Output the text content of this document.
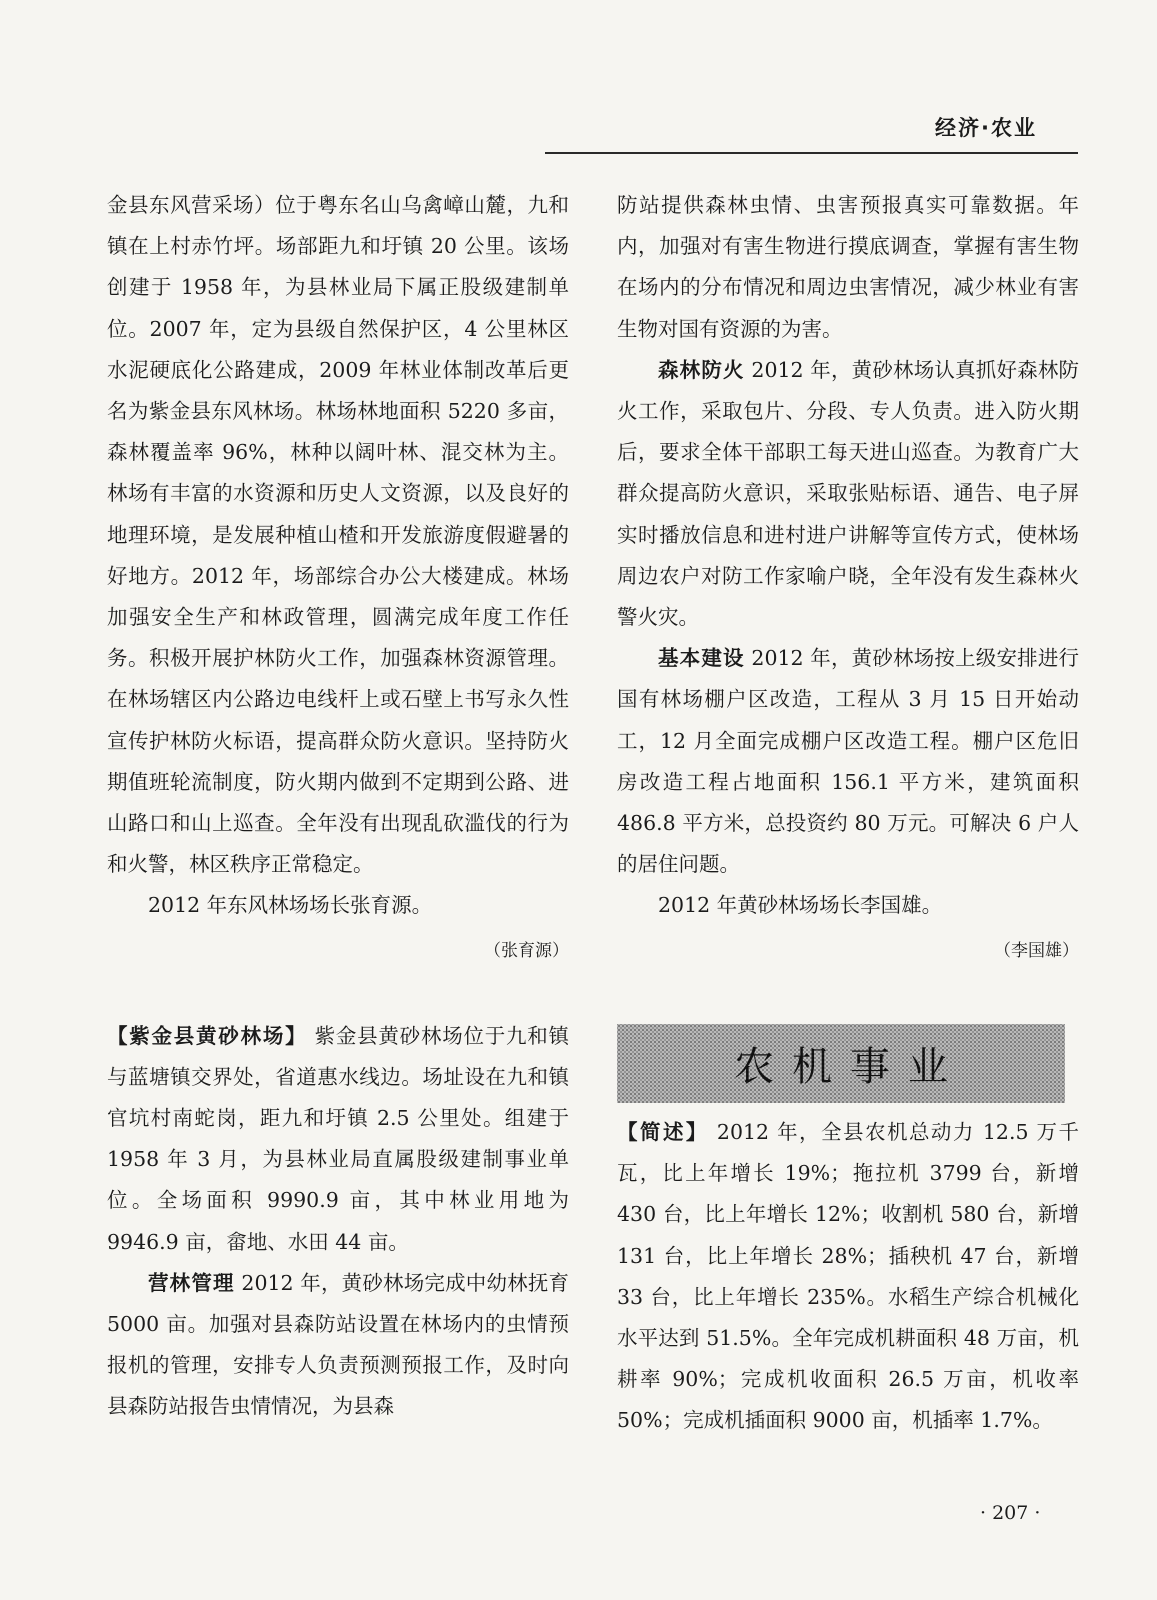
经济·农业

金县东风营采场）位于粤东名山乌禽嶂山麓，九和镇在上村赤竹坪。场部距九和圩镇 20 公里。该场创建于 1958 年，为县林业局下属正股级建制单位。2007 年，定为县级自然保护区，4 公里林区水泥硬底化公路建成，2009 年林业体制改革后更名为紫金县东风林场。林场林地面积 5220 多亩，森林覆盖率 96%，林种以阔叶林、混交林为主。林场有丰富的水资源和历史人文资源，以及良好的地理环境，是发展种植山楂和开发旅游度假避暑的好地方。2012 年，场部综合办公大楼建成。林场加强安全生产和林政管理，圆满完成年度工作任务。积极开展护林防火工作，加强森林资源管理。在林场辖区内公路边电线杆上或石壁上书写永久性宣传护林防火标语，提高群众防火意识。坚持防火期值班轮流制度，防火期内做到不定期到公路、进山路口和山上巡查。全年没有出现乱砍滥伐的行为和火警，林区秩序正常稳定。

2012 年东风林场场长张育源。

（张育源）

【紫金县黄砂林场】 紫金县黄砂林场位于九和镇与蓝塘镇交界处，省道惠水线边。场址设在九和镇官坑村南蛇岗，距九和圩镇 2.5 公里处。组建于 1958 年 3 月，为县林业局直属股级建制事业单位。全场面积 9990.9 亩，其中林业用地为 9946.9 亩，畲地、水田 44 亩。

营林管理 2012 年，黄砂林场完成中幼林抚育 5000 亩。加强对县森防站设置在林场内的虫情预报机的管理，安排专人负责预测预报工作，及时向县森防站报告虫情情况，为县森

防站提供森林虫情、虫害预报真实可靠数据。年内，加强对有害生物进行摸底调查，掌握有害生物在场内的分布情况和周边虫害情况，减少林业有害生物对国有资源的为害。

森林防火 2012 年，黄砂林场认真抓好森林防火工作，采取包片、分段、专人负责。进入防火期后，要求全体干部职工每天进山巡查。为教育广大群众提高防火意识，采取张贴标语、通告、电子屏实时播放信息和进村进户讲解等宣传方式，使林场周边农户对防工作家喻户晓，全年没有发生森林火警火灾。

基本建设 2012 年，黄砂林场按上级安排进行国有林场棚户区改造，工程从 3 月 15 日开始动工，12 月全面完成棚户区改造工程。棚户区危旧房改造工程占地面积 156.1 平方米，建筑面积 486.8 平方米，总投资约 80 万元。可解决 6 户人的居住问题。

2012 年黄砂林场场长李国雄。

（李国雄）
农机事业

【简述】 2012 年，全县农机总动力 12.5 万千瓦，比上年增长 19%；拖拉机 3799 台，新增 430 台，比上年增长 12%；收割机 580 台，新增 131 台，比上年增长 28%；插秧机 47 台，新增 33 台，比上年增长 235%。水稻生产综合机械化水平达到 51.5%。全年完成机耕面积 48 万亩，机耕率 90%；完成机收面积 26.5 万亩，机收率 50%；完成机插面积 9000 亩，机插率 1.7%。

· 207 ·
